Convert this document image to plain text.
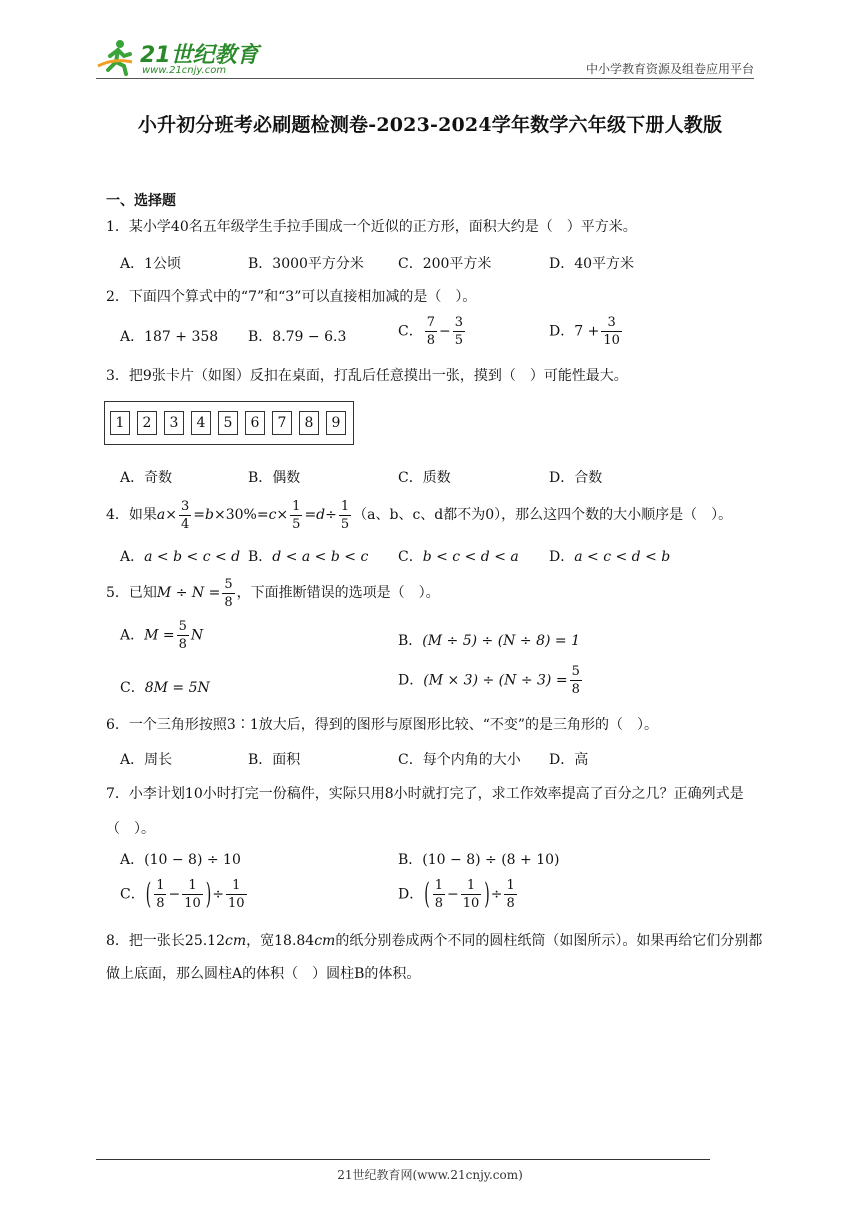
21世纪教育
www.21cnjy.com	中小学教育资源及组卷应用平台
小升初分班考必刷题检测卷-2023-2024学年数学六年级下册人教版
一、选择题
1．某小学40名五年级学生手拉手围成一个近似的正方形，面积大约是（　）平方米。
A．1公顷	B．3000平方分米 C．200平方米	D．40平方米
2．下面四个算式中的“7”和“3”可以直接相加减的是（　）。
A．187 + 358 B．8.79 − 6.3	C． $\frac{7}{8} - \frac{3}{5}$	D．$7 + \frac{3}{10}$
3．把9张卡片（如图）反扣在桌面，打乱后任意摸出一张，摸到（　）可能性最大。
1	2	3	4	5	6	7	8	9
A．奇数	B．偶数	C．质数	D．合数
4．如果$a\times \frac{3}{4} =b\times 30\%=c\times \frac{1}{5} =d\div \frac{1}{5} (a$、b、c、d都不为0），那么这四个数的大小顺序是（　）。
A．a < b < c < d B．d < a < b < c C．b < c < d < a D．a < c < d < b
5．已知$M \div N = \frac{5}{8}$ ，下面推断错误的选项是（　）。
A．$M = \frac{5}{8}$ N	B．(M ÷ 5) ÷ (N ÷ 8) = 1
C．8M = 5N	D．$(M \times 3) \div (N \div 3) = \frac{5}{8}$
6．一个三角形按照3∶1放大后，得到的图形与原图形比较、“不变”的是三角形的（　）。
A．周长	B．面积	C．每个内角的大小 D．高
7．小李计划10小时打完一份稿件，实际只用8小时就打完了，求工作效率提高了百分之几？正确列式是（　）。
A．(10 − 8) ÷ 10	B．(10 − 8) ÷ (8 + 10)
C．( $\frac{1}{8} - \frac{1}{10}$ )÷ $\frac{1}{10}$	D．( $\frac{1}{8} - \frac{1}{10}$ )÷ $\frac{1}{8}$
8．把一张长25.12cm，宽18.84cm的纸分别卷成两个不同的圆柱纸筒（如图所示）。如果再给它们分别都做上底面，那么圆柱A的体积（　）圆柱B的体积。
21世纪教育网(www.21cnjy.com)
